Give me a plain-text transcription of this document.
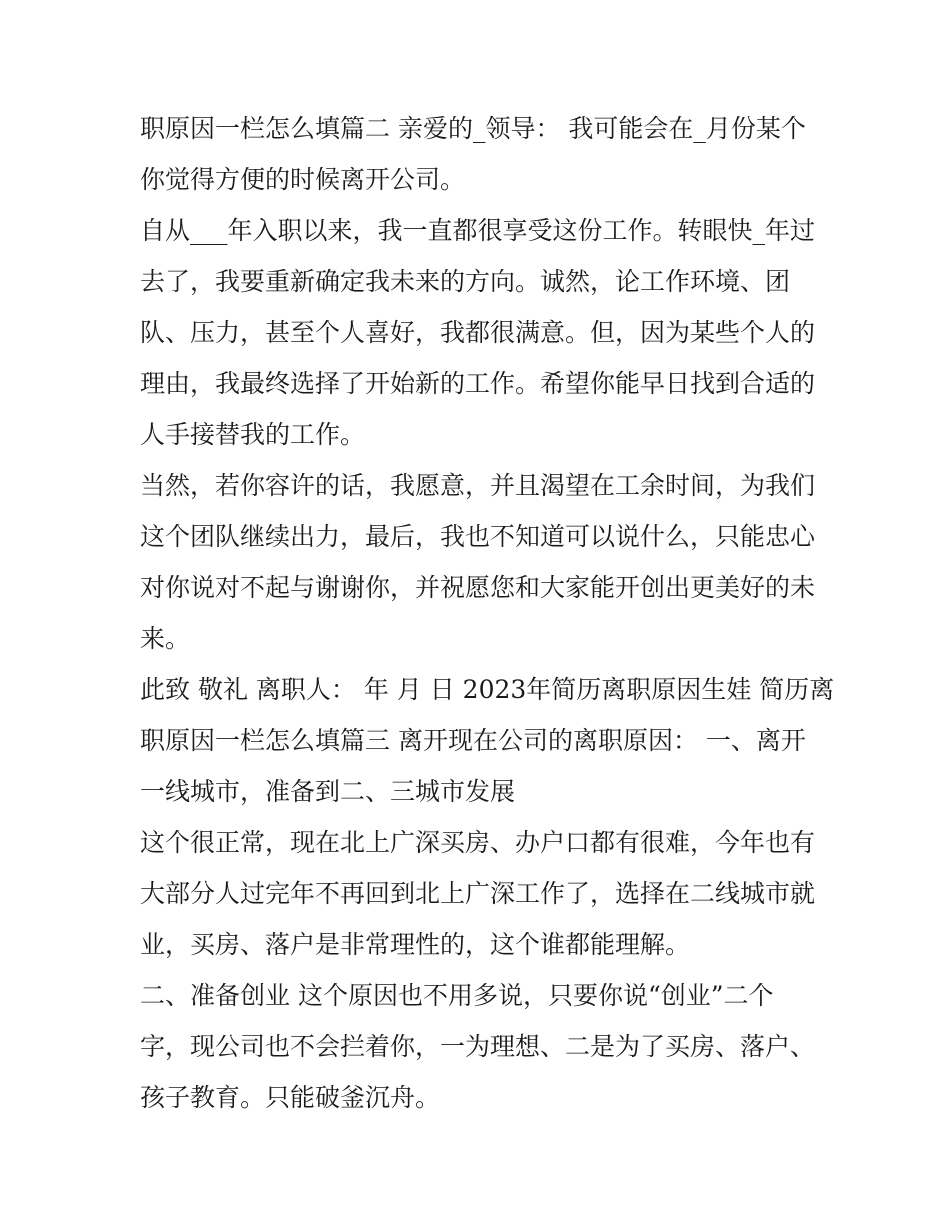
职原因一栏怎么填篇二 亲爱的_领导： 我可能会在_月份某个

你觉得方便的时候离开公司。

自从___年入职以来，我一直都很享受这份工作。转眼快_年过

去了，我要重新确定我未来的方向。诚然，论工作环境、团

队、压力，甚至个人喜好，我都很满意。但，因为某些个人的

理由，我最终选择了开始新的工作。希望你能早日找到合适的

人手接替我的工作。

当然，若你容许的话，我愿意，并且渴望在工余时间，为我们

这个团队继续出力，最后，我也不知道可以说什么，只能忠心

对你说对不起与谢谢你，并祝愿您和大家能开创出更美好的未

来。

此致 敬礼 离职人： 年 月 日 2023年简历离职原因生娃 简历离

职原因一栏怎么填篇三 离开现在公司的离职原因： 一、离开

一线城市，准备到二、三城市发展

这个很正常，现在北上广深买房、办户口都有很难，今年也有

大部分人过完年不再回到北上广深工作了，选择在二线城市就

业，买房、落户是非常理性的，这个谁都能理解。

二、准备创业 这个原因也不用多说，只要你说“创业”二个

字，现公司也不会拦着你，一为理想、二是为了买房、落户、

孩子教育。只能破釜沉舟。
